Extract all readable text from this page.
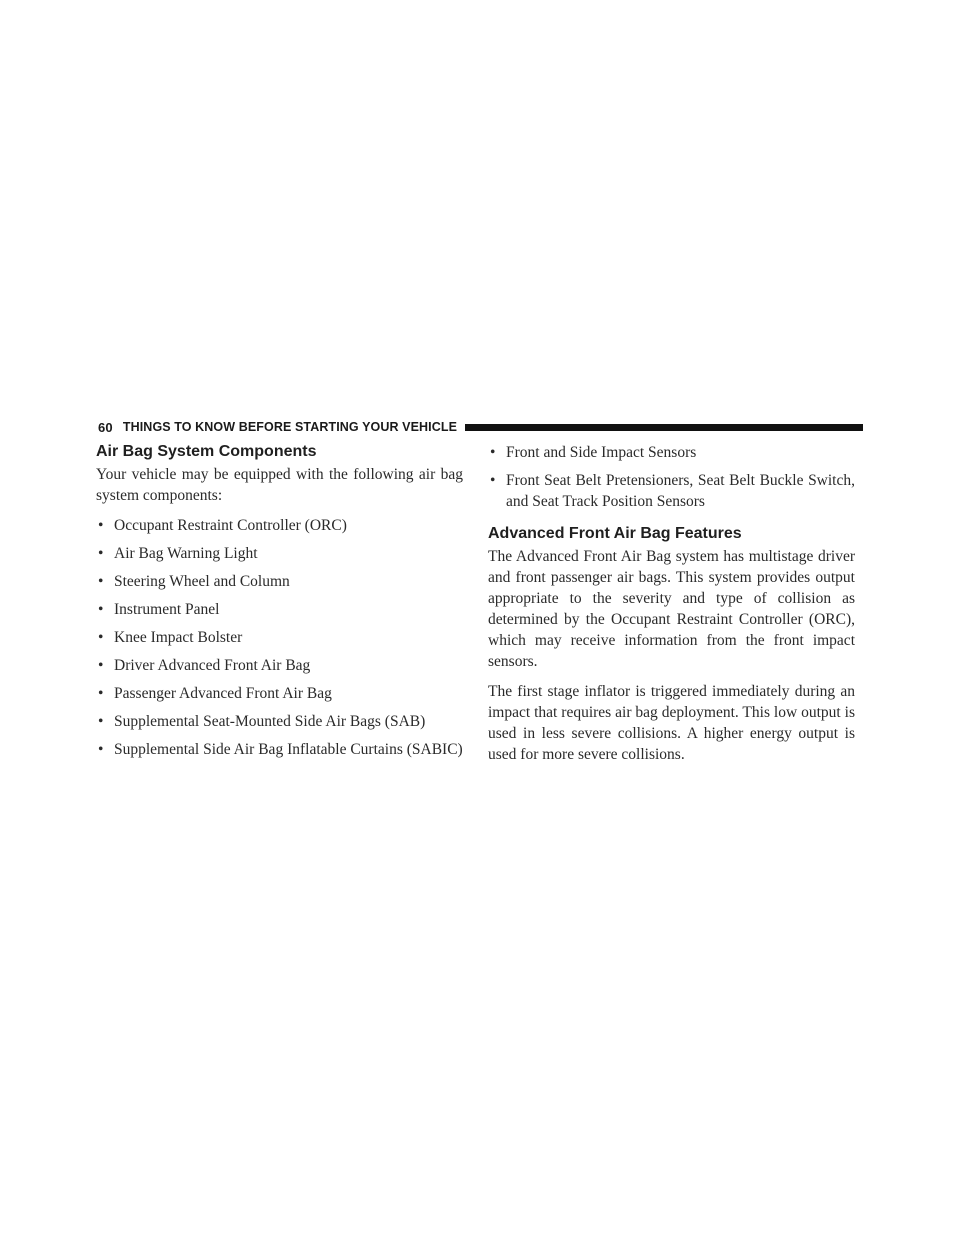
60 THINGS TO KNOW BEFORE STARTING YOUR VEHICLE
Air Bag System Components

Your vehicle may be equipped with the following air bag system components:

• Occupant Restraint Controller (ORC)
• Air Bag Warning Light
• Steering Wheel and Column
• Instrument Panel
• Knee Impact Bolster
• Driver Advanced Front Air Bag
• Passenger Advanced Front Air Bag
• Supplemental Seat-Mounted Side Air Bags (SAB)
• Supplemental Side Air Bag Inflatable Curtains (SABIC)
• Front and Side Impact Sensors
• Front Seat Belt Pretensioners, Seat Belt Buckle Switch, and Seat Track Position Sensors
Advanced Front Air Bag Features

The Advanced Front Air Bag system has multistage driver and front passenger air bags. This system provides output appropriate to the severity and type of collision as determined by the Occupant Restraint Controller (ORC), which may receive information from the front impact sensors.

The first stage inflator is triggered immediately during an impact that requires air bag deployment. This low output is used in less severe collisions. A higher energy output is used for more severe collisions.
